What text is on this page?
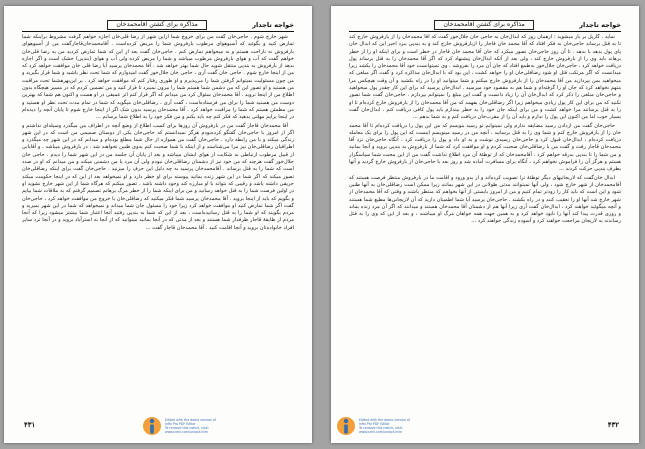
خواجه تاجدار
مذاکره برای کشتن آقامحمدخان

شهر خارج شوم . حاجی‌خان گفت من برای خروج شما ازاین شهر از رضا قلی‌خان اجازه خواهم گرفت مشروط براینکه شما تمارض کنید و بگوئید که آسیوهوای مرطوب بارفروش شما را مریض کرده‌است . آقامحمدخان‌قاجارگفت من از آسیوهوای بارفروش نه ناراحت هستم و نه میخواهم تمارض کنم . حاجی‌خان گفت بعد از این که شما تمارض کردید من به رضا قلی‌خان خواهم گفت که آب و هوای بارفروش مرطوب میباشد و شما را مریض کرده ولی آب و هوای (بندپی) خشک است و اگر اجازه بدهد از بارفروش به بندپی منتقل شوید حال شما بهتر خواهد شد . آقا محمدخان پرسید آیا رضا قلی خان موافقت خواهد کرد که من از اینجا خارج شوم . حاجی خان گفت آری ، حاجی خان جلال‌خور گفت امیدوارم که شما تحت نظر باشید و شما قرار بگیرید و من چون مسئولیت نمیتوانم گرفتن شما را می‌پذیرم و او طوری رفتار کنم که موافقت خواهد کرد . بر این‌بهرهشما تحت مراقبت من هستید و او تصور این که من دشمن شما هستم شما را بیرون نمیبرد تا فرار کنید و من تضمین کردم که در مسیر هیچگاه بدون اطلاع من از اینجا نروید . آقا محمدخان سئوال کرد من میدانم که اگر فرار کنم اثر عمیقی در او هست و اکنون هم شما که بهترین دوست من هستید شما را برای من فرستاده‌است ، گفت آری ، رضاقلی‌خان میگوید که شما در تمام مدت تحت نظر او هستید و من مطمئن هستم که شما را مراقبت خواهد کرد . آقا محمدخان پرسید بدون شک اگر از اینجا خارج شوم تا پایان آنچه را دیده‌ام در اینجا برایم مهلتی بدهید که فکر کنم چه باید بکنم و من فکر خود را به اطلاع شما برسانم ...

آقا محمدخان قاجار گفت من در بارفروش آن روزها برای کسب اطلاع از وضع آنچه در اطراف من میگذرد وسیله‌ای نداشتم و اگر از امروز با حاجی‌خان گفتگو کرده‌بودم هرگز نمیدانستم که حاجی‌خان یکی از دوستان صمیمی من است که در این شهر زندگی میکند و با من رابطه دارد . حاجی‌خان گفت من همواره از حال شما مطلع بوده‌ام و میدانم که در این شهر چه میگذرد و اطرافیان رضاقلی‌خان نیز مرا می‌شناسند و از اینکه با شما صحبت کنم به‌وی ظنین نخواهند شد . در بارفروش میباشد ، و آقایانی از قبیل مرطوب ارتباطی به شکایت از هوای ایشان میباشد و بعد از پایان آن جلسه من در این شهر شما را دیدم . حاجی خان جلال‌خور گفت هرچند که من خود نیز از دشمنان رضاقلی‌خان نبودم ولی آن مرد با من دشمنی میکند و من میدانم که او در صدد است که شما را به قتل برساند . آقامحمدخان پرسید به چه دلیل این حرف را میزنید . حاجی‌خان گفت برای اینکه رضاقلی‌خان تصور میکند که اگر شما در این شهر زنده بمانید پیوسته برای او خطر دارد و او نمیخواهد بعد از این که در اینجا حکومت میکند حریفی داشته باشد و رقیبی که بتواند با او مبارزه کند وجود داشته باشد . تصور میکنم که هرگاه شما از این شهر خارج نشوید او در اولین فرصت شما را به قتل خواهد رسانید و من برای اینکه شما را از خطر مرگ برهانم تصمیم گرفتم که به ملاقات شما بیایم و بگویم که باید از اینجا بروید . آقا محمدخان پرسید شما فکر میکنید که رضاقلی‌خان با خروج من موافقت خواهد کرد ، حاجی‌خان گفت اگر شما تمارض کنید او موافقت خواهد کرد زیرا خود را مسئول جان شما میداند و نمیخواهد که شما در این شهر بمیرید و مردم بگویند که او شما را به قتل رسانیده‌است ، بعد از این که شما به بندپی رفتید آنجا اعتبار شما بیشتر میشود زیرا که آنجا مردم از طایفهٔ قاجار طرفدار شما هستند و بعد از مدتی که در آنجا بمانید میتوانید که از آنجا به استرآباد بروید و در آنجا نزد سایر افراد خانواده‌تان بروید و آنجا اقامت کنید . آقا محمدخان قاجار گفت ...

۴۳۱	Edited with the demo version of
Infix Pro PDF Editor
To remove this notice, visit:
www.iceni.com/unlock.htm
خواجه تاجدار
مذاکره برای کشتن آقامحمدخان

نماید . گاریل بر بار میشوید : ازهمان روز که ابدال‌خان به حاجی خان جلال‌خور گفت که آقا محمدخان را از بارفروش خارج کند تا به قتل برساند حاجی‌خان به فکر افتاد که آقا محمد خان قاجار را ازبارفروش خارج کند و به بندپی ببرد اخیر این که ابدال خان پای پول بدهد با بدهد . تا آن روز حاجی‌خان تصور میکرد که جان آقا محمد خان قاجار در خطر است و برای اینکه او را از خطر برهاند باید وی را از بارفروش خارج کند ، ولی بعد از آنکه ابدال‌خان پیشنهاد کرد که اگر آقا محمدخان را به قتل برساند پول دریافت خواهد کرد ، حاجی‌خان جلال‌خور به‌طمع افتاد که جان آن مرد را بفروشد . وی نمیتوانست خود آقا محمدخان را بکشد زیرا میدانست که اگر مرتکب قتل او شود رضاقلی‌خان او را خواهد کشت ، این بود که با ابدال‌خان مذاکره کرد و گفت اگر مبلغی که میخواهید بمن بپردازید من آقا محمدخان را از بارفروش خارج میکنم و شما میتوانید او را در راه بکشید و آن وقت هیچکس مرا متهم نخواهد کرد که جان او را گرفته‌ام و شما هم به مقصود خود میرسید . ابدال‌خان پرسید که برای این کار چقدر پول میخواهید و حاجی‌خان مبلغی را ذکر کرد که ابدال‌خان آن را زیاد دانست و گفت این مبلغ را نمیتوانم بپردازم . حاجی‌خان گفت شما تصور نکنید که من برای این کار پول زیادی میخواهم زیرا اگر رضاقلی‌خان بفهمد که من آقا محمدخان را از بارفروش خارج کرده‌ام تا او را به قتل برسانند مرا خواهد کشت و من برای اینکه جان خود را به خطر بیندازم باید پول کافی دریافت کنم . ابدال‌خان گفت بسیار خوب اما من اکنون این پول را ندارم و باید آن را از مقرب‌خان دریافت کنم و به شما بدهم ...

حاجی‌خان گفت من ازدادن رسید مضایقه ندارم ولی نمیتوانم تو رسید بنویسم که من این پول را دریافت کرده‌ام تا آقا محمد خان را از بارفروش خارج کنم و شما وی را به قتل برسانید ، آنچه من در رسید مینویسم اینست که این پول را برای یک معامله دریافت کرده‌ام ، ابدال‌خان قبول کرد و حاجی‌خان رسیدی نوشت و به او داد و پول را دریافت کرد . آنگاه حاجی‌خان نزد آقا محمدخان قاجار رفت و گفت من با رضاقلی‌خان صحبت کردم و او موافقت کرد که شما از بارفروش به بندپی بروید و آنجا بمانید و من شما را تا بندپی بدرقه خواهم کرد . آقامحمدخان که از توطئهٔ آن مرد اطلاع نداشت گفت من از این محبت شما سپاسگزار هستم و هرگز آن را فراموش نخواهم کرد ، آنگاه برای مسافرت آماده شد و روز بعد با حاجی‌خان از بارفروش خارج گردید و آنها بطرف بندپی حرکت کردند ...

ابدال خان‌گفت که لاریجانیهای دیگر توطئهٔ ترا تصویب کرده‌اند و از بدو ورود و اقامت ما در بارفروش منتظر فرصت هستند که آقامحمدخان از شهر خارج شود ، ولی آنها نمیتوانند مدتی طولانی در این شهر بمانند زیرا ممکن است رضاقلی‌خان به آنها ظنین شود و این است که باید کار را زودتر تمام کنیم و من از امروز بایستی از آنها بخواهم که منتظر باشند و وقتی که آقا محمدخان از شهر خارج شد آنها او را تعقیب کنند و در راه بکشند . حاجی‌خان پرسید آیا شما اطمینان دارید که آن لاریجانی‌ها مطیع شما هستند و آنچه میگوئید خواهند کرد ، ابدال‌خان گفت آری زیرا آنها هم از دشمنان آقا محمدخان هستند و میدانند که اگر آن مرد زنده بماند و روزی قدرت پیدا کند آنها را نابود خواهد کرد و به همین جهت همه خواهان مرگ او میباشند ، و بعد از این که وی را به قتل رساندند به لاریجان مراجعت خواهند کرد و آسوده زندگی خواهند کرد ...

۴۳۲
Edited with the demo version of
Infix Pro PDF Editor
To remove this notice, visit:
www.iceni.com/unlock.htm
